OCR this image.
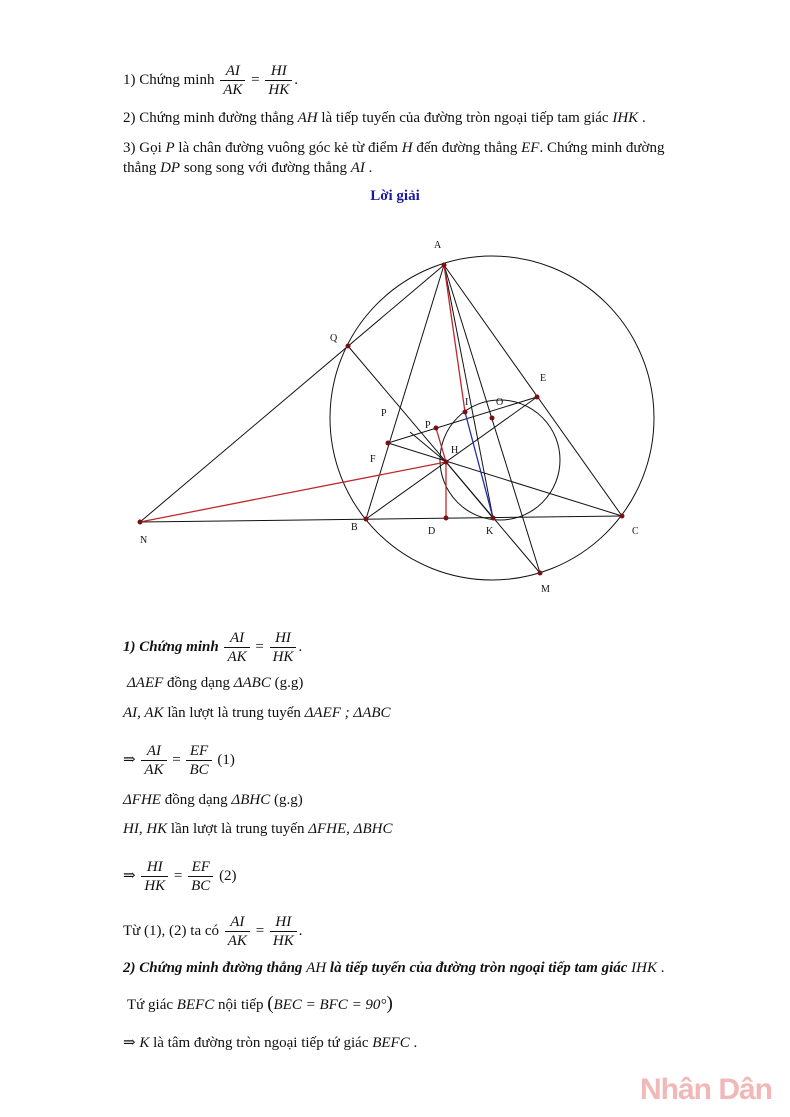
1) Chứng minh $\frac{AI}{AK} = \frac{HI}{HK}$ .
2) Chứng minh đường thẳng AH là tiếp tuyến của đường tròn ngoại tiếp tam giác IHK .
3) Gọi P là chân đường vuông góc kẻ từ điểm H đến đường thẳng EF. Chứng minh đường
thẳng DP song song với đường thẳng AI .
Lời giải
A
Q
E
I	O
P
P
H
F
N
B	D	K	C
M
1) Chứng minh $\frac{AI}{AK} = \frac{HI}{HK}$ .
ΔAEF đồng dạng ΔABC (g.g)
AI, AK lần lượt là trung tuyến ΔAEF ; ΔABC
⇒ $\frac{AI}{AK} = \frac{EF}{BC} (1)$
ΔFHE đồng dạng ΔBHC (g.g)
HI, HK lần lượt là trung tuyến ΔFHE, ΔBHC
⇒ $\frac{HI}{HK} = \frac{EF}{BC} (2)$
Từ (1), (2) ta có $\frac{AI}{AK} = \frac{HI}{HK}$ .
2) Chứng minh đường thẳng AH là tiếp tuyến của đường tròn ngoại tiếp tam giác IHK .
Tứ giác BEFC nội tiếp (BEC = BFC = 90°)
⇒ K là tâm đường tròn ngoại tiếp tứ giác BEFC .
Nhân Dân
